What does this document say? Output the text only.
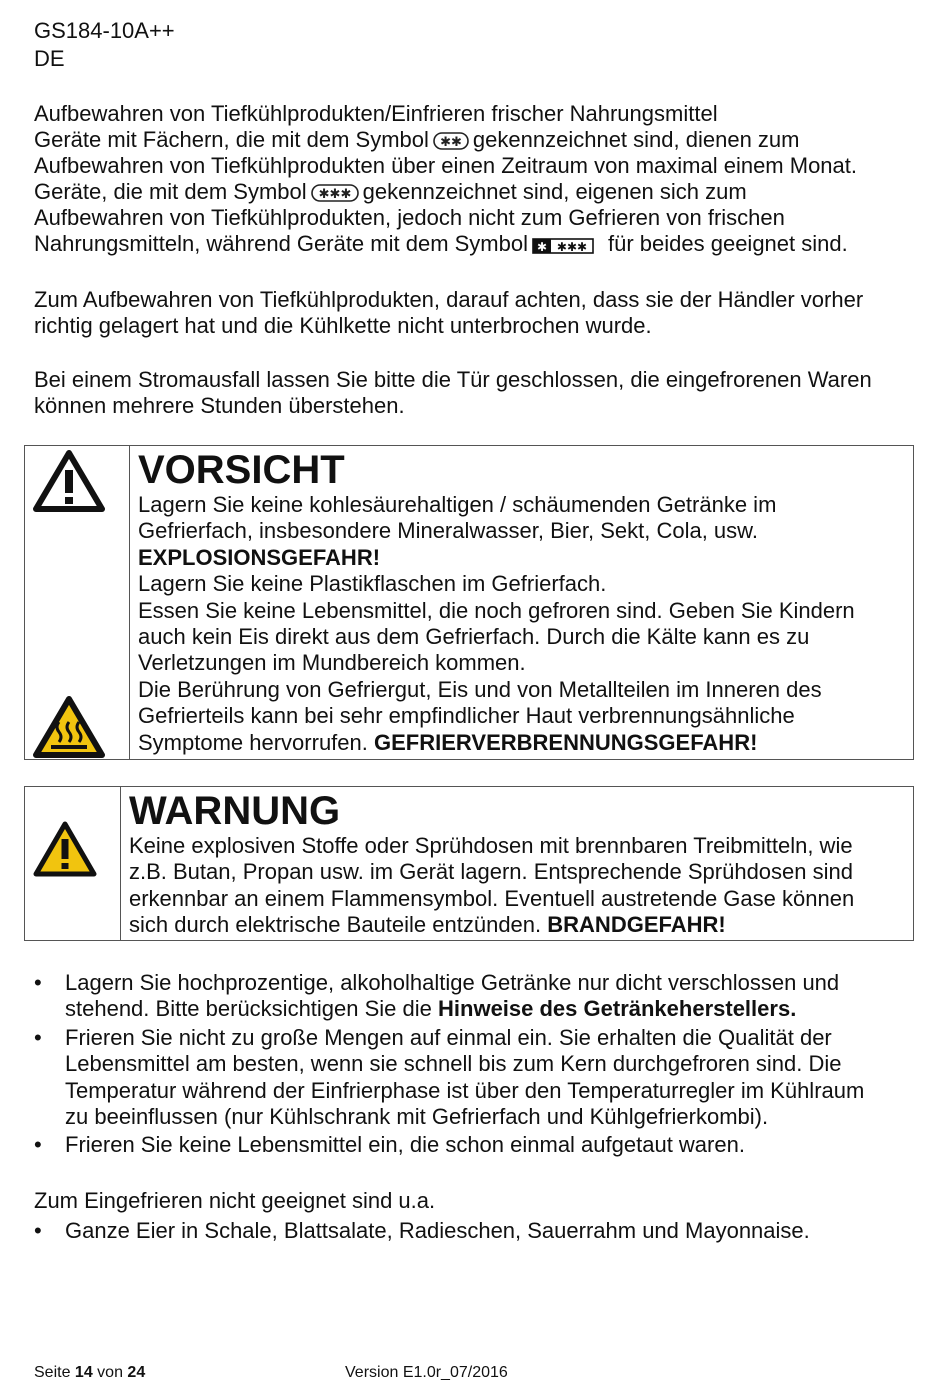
GS184-10A++
DE
Aufbewahren von Tiefkühlprodukten/Einfrieren frischer Nahrungsmittel
Geräte mit Fächern, die mit dem Symbol ✱✱ gekennzeichnet sind, dienen zum
Aufbewahren von Tiefkühlprodukten über einen Zeitraum von maximal einem Monat.
Geräte, die mit dem Symbol ✱✱✱ gekennzeichnet sind, eigenen sich zum
Aufbewahren von Tiefkühlprodukten, jedoch nicht zum Gefrieren von frischen
Nahrungsmitteln, während Geräte mit dem Symbol ✱ ✱✱✱ für beides geeignet sind.
Zum Aufbewahren von Tiefkühlprodukten, darauf achten, dass sie der Händler vorher
richtig gelagert hat und die Kühlkette nicht unterbrochen wurde.
Bei einem Stromausfall lassen Sie bitte die Tür geschlossen, die eingefrorenen Waren
können mehrere Stunden überstehen.
VORSICHT
Lagern Sie keine kohlesäurehaltigen / schäumenden Getränke im
Gefrierfach, insbesondere Mineralwasser, Bier, Sekt, Cola, usw.
EXPLOSIONSGEFAHR!
Lagern Sie keine Plastikflaschen im Gefrierfach.
Essen Sie keine Lebensmittel, die noch gefroren sind. Geben Sie Kindern
auch kein Eis direkt aus dem Gefrierfach. Durch die Kälte kann es zu
Verletzungen im Mundbereich kommen.
Die Berührung von Gefriergut, Eis und von Metallteilen im Inneren des
Gefrierteils kann bei sehr empfindlicher Haut verbrennungsähnliche
Symptome hervorrufen. GEFRIERVERBRENNUNGSGEFAHR!
WARNUNG
Keine explosiven Stoffe oder Sprühdosen mit brennbaren Treibmitteln, wie
z.B. Butan, Propan usw. im Gerät lagern. Entsprechende Sprühdosen sind
erkennbar an einem Flammensymbol. Eventuell austretende Gase können
sich durch elektrische Bauteile entzünden. BRANDGEFAHR!
• Lagern Sie hochprozentige, alkoholhaltige Getränke nur dicht verschlossen und
stehend. Bitte berücksichtigen Sie die Hinweise des Getränkeherstellers.
• Frieren Sie nicht zu große Mengen auf einmal ein. Sie erhalten die Qualität der
Lebensmittel am besten, wenn sie schnell bis zum Kern durchgefroren sind. Die
Temperatur während der Einfrierphase ist über den Temperaturregler im Kühlraum
zu beeinflussen (nur Kühlschrank mit Gefrierfach und Kühlgefrierkombi).
• Frieren Sie keine Lebensmittel ein, die schon einmal aufgetaut waren.
Zum Eingefrieren nicht geeignet sind u.a.
• Ganze Eier in Schale, Blattsalate, Radieschen, Sauerrahm und Mayonnaise.
Seite 14 von 24	Version E1.0r_07/2016
